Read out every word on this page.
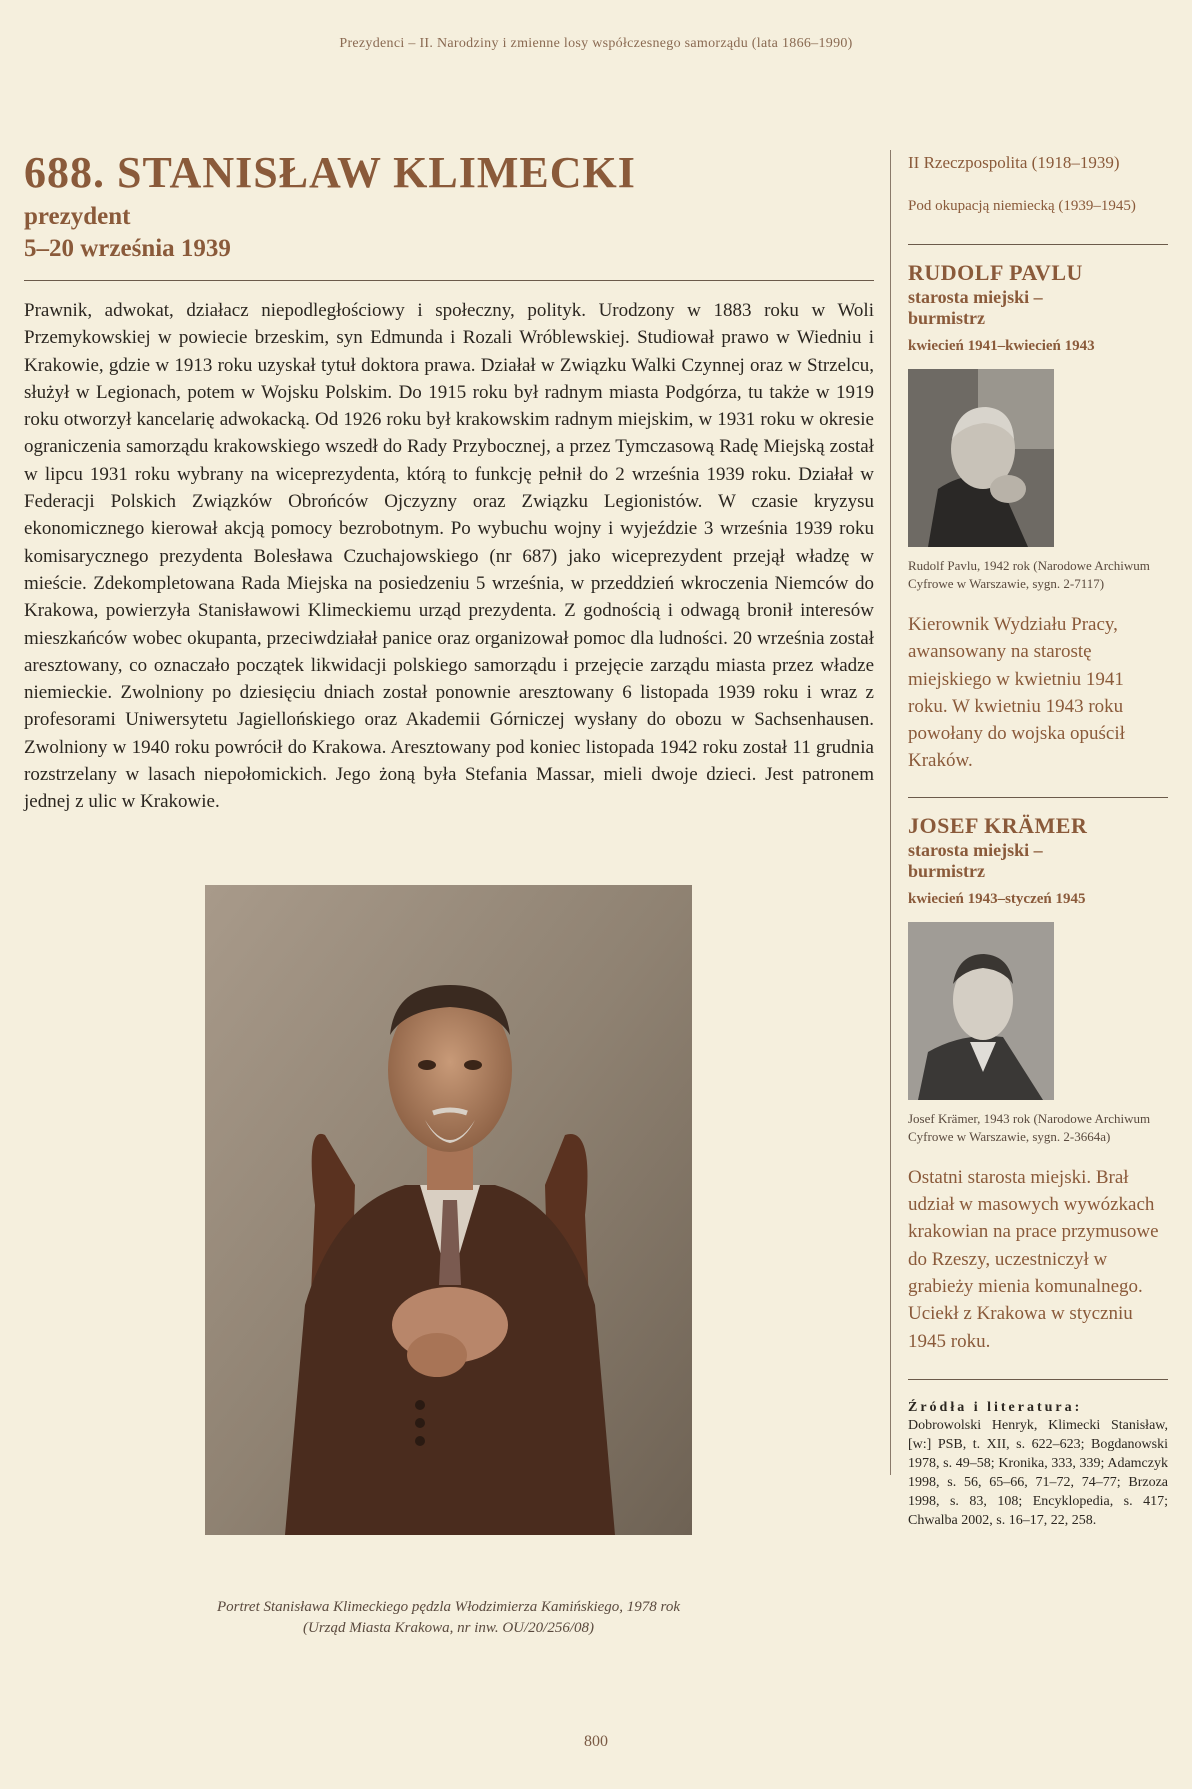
Prezydenci – II. Narodziny i zmienne losy współczesnego samorządu (lata 1866–1990)
688. STANISŁAW KLIMECKI
prezydent
5–20 września 1939

Prawnik, adwokat, działacz niepodległościowy i społeczny, polityk. Urodzony w 1883 roku w Woli Przemykowskiej w powiecie brzeskim, syn Edmunda i Rozali Wróblewskiej. Studiował prawo w Wiedniu i Krakowie, gdzie w 1913 roku uzyskał tytuł doktora prawa. Działał w Związku Walki Czynnej oraz w Strzelcu, służył w Legionach, potem w Wojsku Polskim. Do 1915 roku był radnym miasta Podgórza, tu także w 1919 roku otworzył kancelarię adwokacką. Od 1926 roku był krakowskim radnym miejskim, w 1931 roku w okresie ograniczenia samorządu krakowskiego wszedł do Rady Przybocznej, a przez Tymczasową Radę Miejską został w lipcu 1931 roku wybrany na wiceprezydenta, którą to funkcję pełnił do 2 września 1939 roku. Działał w Federacji Polskich Związków Obrońców Ojczyzny oraz Związku Legionistów. W czasie kryzysu ekonomicznego kierował akcją pomocy bezrobotnym. Po wybuchu wojny i wyjeździe 3 września 1939 roku komisarycznego prezydenta Bolesława Czuchajowskiego (nr 687) jako wiceprezydent przejął władzę w mieście. Zdekompletowana Rada Miejska na posiedzeniu 5 września, w przeddzień wkroczenia Niemców do Krakowa, powierzyła Stanisławowi Klimeckiemu urząd prezydenta. Z godnością i odwagą bronił interesów mieszkańców wobec okupanta, przeciwdziałał panice oraz organizował pomoc dla ludności. 20 września został aresztowany, co oznaczało początek likwidacji polskiego samorządu i przejęcie zarządu miasta przez władze niemieckie. Zwolniony po dziesięciu dniach został ponownie aresztowany 6 listopada 1939 roku i wraz z profesorami Uniwersytetu Jagiellońskiego oraz Akademii Górniczej wysłany do obozu w Sachsenhausen. Zwolniony w 1940 roku powrócił do Krakowa. Aresztowany pod koniec listopada 1942 roku został 11 grudnia rozstrzelany w lasach niepołomickich. Jego żoną była Stefania Massar, mieli dwoje dzieci. Jest patronem jednej z ulic w Krakowie.

Portret Stanisława Klimeckiego pędzla Włodzimierza Kamińskiego, 1978 rok
(Urząd Miasta Krakowa, nr inw. OU/20/256/08)
II Rzeczpospolita (1918–1939)
Pod okupacją niemiecką (1939–1945)
RUDOLF PAVLU
starosta miejski – burmistrz
kwiecień 1941–kwiecień 1943
Rudolf Pavlu, 1942 rok (Narodowe Archiwum Cyfrowe w Warszawie, sygn. 2-7117)
Kierownik Wydziału Pracy, awansowany na starostę miejskiego w kwietniu 1941 roku. W kwietniu 1943 roku powołany do wojska opuścił Kraków.
JOSEF KRÄMER
starosta miejski – burmistrz
kwiecień 1943–styczeń 1945
Josef Krämer, 1943 rok (Narodowe Archiwum Cyfrowe w Warszawie, sygn. 2-3664a)
Ostatni starosta miejski. Brał udział w masowych wywózkach krakowian na prace przymusowe do Rzeszy, uczestniczył w grabieży mienia komunalnego. Uciekł z Krakowa w styczniu 1945 roku.
Źródła i literatura:
Dobrowolski Henryk, Klimecki Stanisław, [w:] PSB, t. XII, s. 622–623; Bogdanowski 1978, s. 49–58; Kronika, 333, 339; Adamczyk 1998, s. 56, 65–66, 71–72, 74–77; Brzoza 1998, s. 83, 108; Encyklopedia, s. 417; Chwalba 2002, s. 16–17, 22, 258.
800
